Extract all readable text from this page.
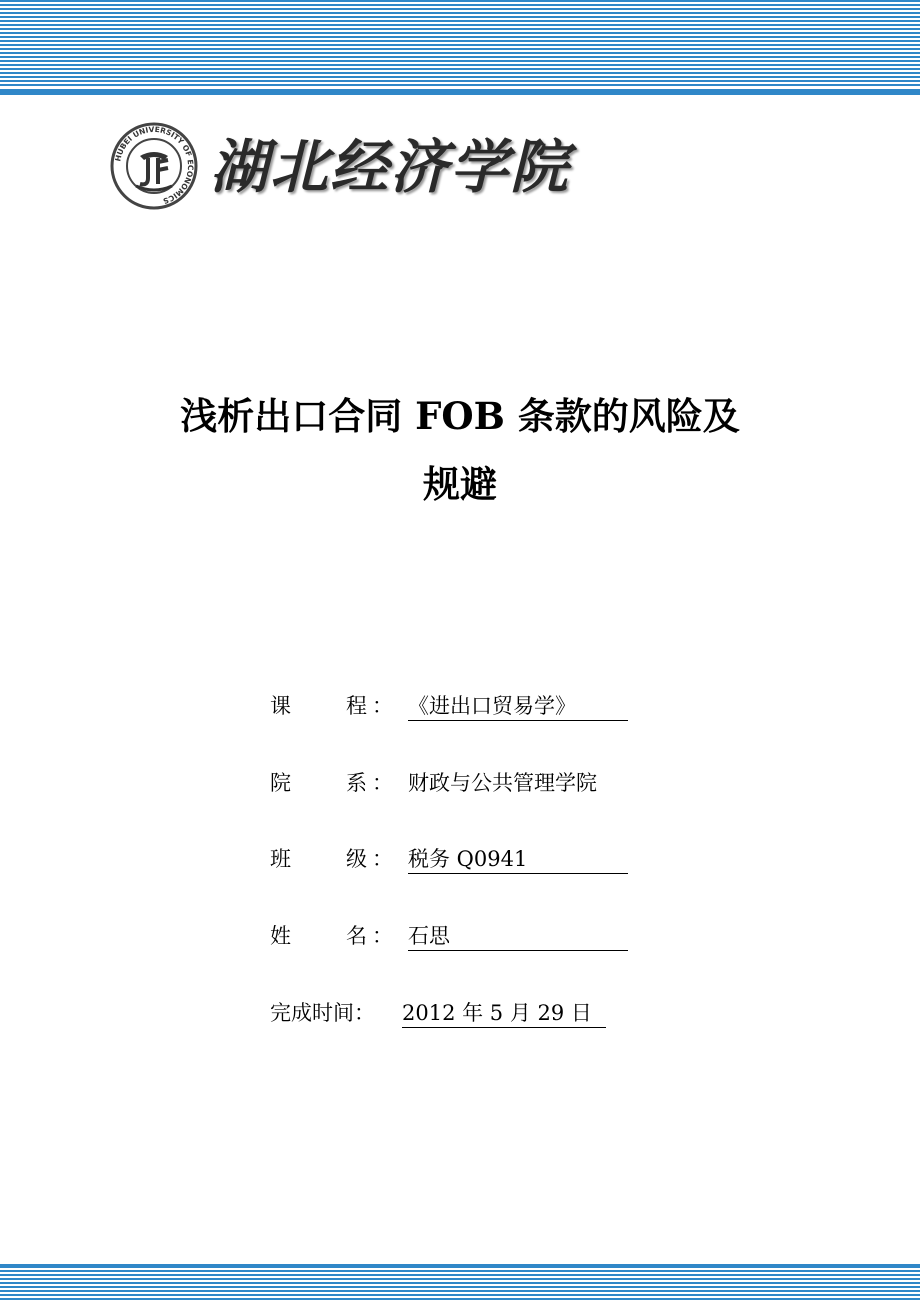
HUBEI UNIVERSITY OF ECONOMICS 湖北经济学院
浅析出口合同 FOB 条款的风险及
规避
课	程 ： 《进出口贸易学》
院	系 ： 财政与公共管理学院
班	级 ： 税务 Q0941
姓	名 ： 石思
完成时间： 2012 年 5 月 29 日
